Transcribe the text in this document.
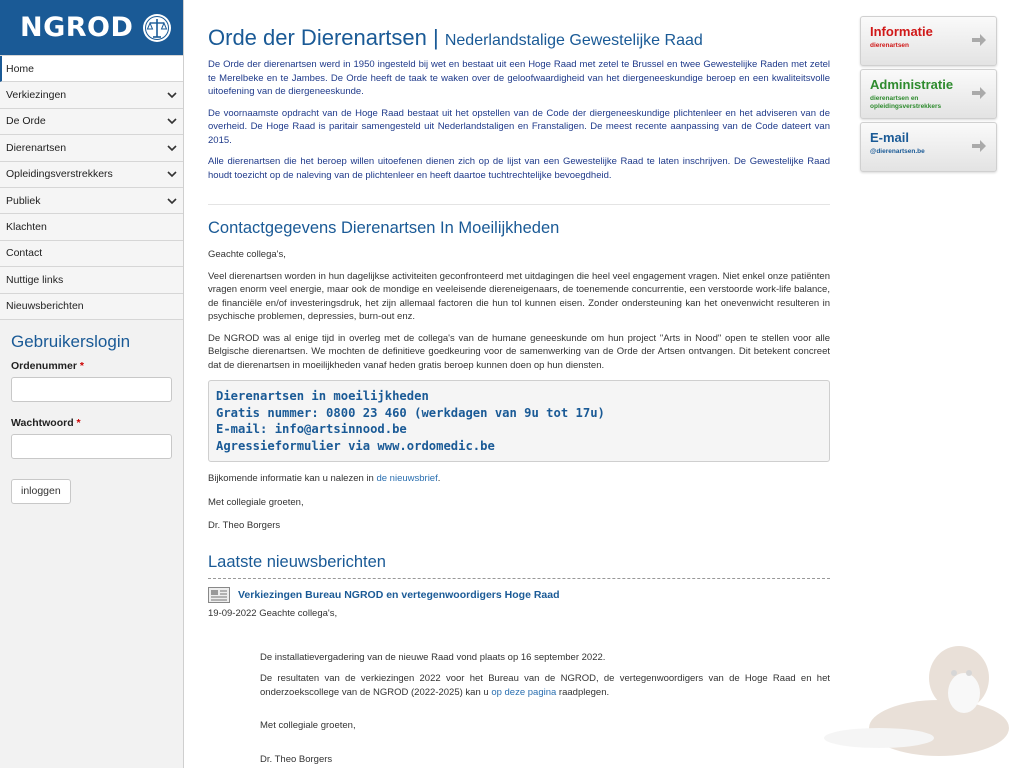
NGROD
Home
Verkiezingen
De Orde
Dierenartsen
Opleidingsverstrekkers
Publiek
Klachten
Contact
Nuttige links
Nieuwsberichten
Gebruikerslogin
Ordenummer *
Wachtwoord *

inloggen
Orde der Dierenartsen | Nederlandstalige Gewestelijke Raad

De Orde der dierenartsen werd in 1950 ingesteld bij wet en bestaat uit een Hoge Raad met zetel te Brussel en twee Gewestelijke Raden met zetel te Merelbeke en te Jambes. De Orde heeft de taak te waken over de geloofwaardigheid van het diergeneeskundige beroep en een kwaliteitsvolle uitoefening van de diergeneeskunde.

De voornaamste opdracht van de Hoge Raad bestaat uit het opstellen van de Code der diergeneeskundige plichtenleer en het adviseren van de overheid. De Hoge Raad is paritair samengesteld uit Nederlandstaligen en Franstaligen. De meest recente aanpassing van de Code dateert van 2015.

Alle dierenartsen die het beroep willen uitoefenen dienen zich op de lijst van een Gewestelijke Raad te laten inschrijven. De Gewestelijke Raad houdt toezicht op de naleving van de plichtenleer en heeft daartoe tuchtrechtelijke bevoegdheid.

Contactgegevens Dierenartsen In Moeilijkheden

Geachte collega's,

Veel dierenartsen worden in hun dagelijkse activiteiten geconfronteerd met uitdagingen die heel veel engagement vragen. Niet enkel onze patiënten vragen enorm veel energie, maar ook de mondige en veeleisende dierenеigenaars, de toenemende concurrentie, een verstoorde work-life balance, de financiële en/of investeringsdruk, het zijn allemaal factoren die hun tol kunnen eisen. Zonder ondersteuning kan het onevenwicht resulteren in psychische problemen, depressies, burn-out enz.

De NGROD was al enige tijd in overleg met de collega's van de humane geneeskunde om hun project "Arts in Nood" open te stellen voor alle Belgische dierenartsen. We mochten de definitieve goedkeuring voor de samenwerking van de Orde der Artsen ontvangen. Dit betekent concreet dat de dierenartsen in moeilijkheden vanaf heden gratis beroep kunnen doen op hun diensten.

Dierenartsen in moeilijkheden
Gratis nummer: 0800 23 460 (werkdagen van 9u tot 17u)
E-mail: info@artsinnood.be
Agressieformulier via www.ordomedic.be

Bijkomende informatie kan u nalezen in de nieuwsbrief.

Met collegiale groeten,

Dr. Theo Borgers

Laatste nieuwsberichten
Verkiezingen Bureau NGROD en vertegenwoordigers Hoge Raad
19-09-2022 Geachte collega's,

De installatievergadering van de nieuwe Raad vond plaats op 16 september 2022.

De resultaten van de verkiezingen 2022 voor het Bureau van de NGROD, de vertegenwoordigers van de Hoge Raad en het onderzoekscollege van de NGROD (2022-2025) kan u op deze pagina raadplegen.

Met collegiale groeten,

Dr. Theo Borgers

Informatie
dierenartsen
Administratie
dierenartsen en opleidingsverstrekkers
E-mail
@dierenartsen.be
